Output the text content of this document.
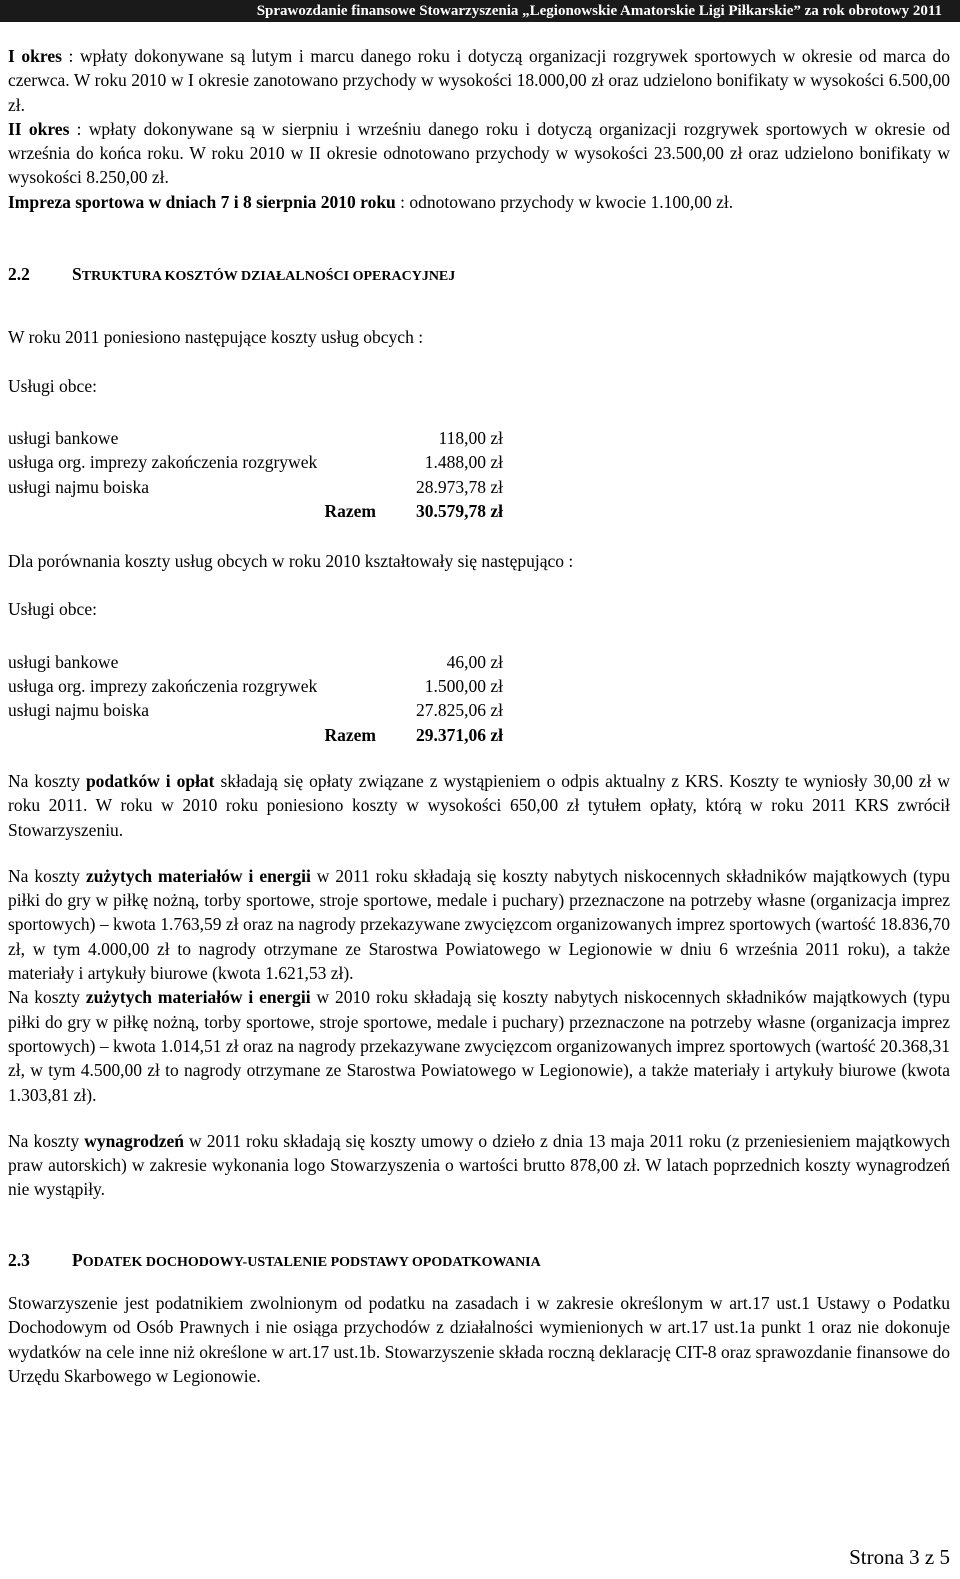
Sprawozdanie finansowe Stowarzyszenia „Legionowskie Amatorskie Ligi Piłkarskie” za rok obrotowy 2011

I okres : wpłaty dokonywane są lutym i marcu danego roku i dotyczą organizacji rozgrywek sportowych w okresie od marca do czerwca. W roku 2010 w I okresie zanotowano przychody w wysokości 18.000,00 zł oraz udzielono bonifikaty w wysokości 6.500,00 zł.

II okres : wpłaty dokonywane są w sierpniu i wrześniu danego roku i dotyczą organizacji rozgrywek sportowych w okresie od września do końca roku. W roku 2010 w II okresie odnotowano przychody w wysokości 23.500,00 zł oraz udzielono bonifikaty w wysokości 8.250,00 zł.

Impreza sportowa w dniach 7 i 8 sierpnia 2010 roku : odnotowano przychody w kwocie 1.100,00 zł.

2.2 STRUKTURA KOSZTÓW DZIAŁALNOŚCI OPERACYJNEJ

W roku 2011 poniesiono następujące koszty usług obcych :

Usługi obce:

usługi bankowe	118,00 zł
usługa org. imprezy zakończenia rozgrywek	1.488,00 zł
usługi najmu boiska	28.973,78 zł
Razem	30.579,78 zł

Dla porównania koszty usług obcych w roku 2010 kształtowały się następująco :

Usługi obce:

usługi bankowe	46,00 zł
usługa org. imprezy zakończenia rozgrywek	1.500,00 zł
usługi najmu boiska	27.825,06 zł
Razem	29.371,06 zł

Na koszty podatków i opłat składają się opłaty związane z wystąpieniem o odpis aktualny z KRS. Koszty te wyniosły 30,00 zł w roku 2011. W roku w 2010 roku poniesiono koszty w wysokości 650,00 zł tytułem opłaty, którą w roku 2011 KRS zwrócił Stowarzyszeniu.

Na koszty zużytych materiałów i energii w 2011 roku składają się koszty nabytych niskocennych składników majątkowych (typu piłki do gry w piłkę nożną, torby sportowe, stroje sportowe, medale i puchary) przeznaczone na potrzeby własne (organizacja imprez sportowych) – kwota 1.763,59 zł oraz na nagrody przekazywane zwycięzcom organizowanych imprez sportowych (wartość 18.836,70 zł, w tym 4.000,00 zł to nagrody otrzymane ze Starostwa Powiatowego w Legionowie w dniu 6 września 2011 roku), a także materiały i artykuły biurowe (kwota 1.621,53 zł).

Na koszty zużytych materiałów i energii w 2010 roku składają się koszty nabytych niskocennych składników majątkowych (typu piłki do gry w piłkę nożną, torby sportowe, stroje sportowe, medale i puchary) przeznaczone na potrzeby własne (organizacja imprez sportowych) – kwota 1.014,51 zł oraz na nagrody przekazywane zwycięzcom organizowanych imprez sportowych (wartość 20.368,31 zł, w tym 4.500,00 zł to nagrody otrzymane ze Starostwa Powiatowego w Legionowie), a także materiały i artykuły biurowe (kwota 1.303,81 zł).

Na koszty wynagrodzeń w 2011 roku składają się koszty umowy o dzieło z dnia 13 maja 2011 roku (z przeniesieniem majątkowych praw autorskich) w zakresie wykonania logo Stowarzyszenia o wartości brutto 878,00 zł. W latach poprzednich koszty wynagrodzeń nie wystąpiły.

2.3 PODATEK DOCHODOWY-USTALENIE PODSTAWY OPODATKOWANIA

Stowarzyszenie jest podatnikiem zwolnionym od podatku na zasadach i w zakresie określonym w art.17 ust.1 Ustawy o Podatku Dochodowym od Osób Prawnych i nie osiąga przychodów z działalności wymienionych w art.17 ust.1a punkt 1 oraz nie dokonuje wydatków na cele inne niż określone w art.17 ust.1b. Stowarzyszenie składa roczną deklarację CIT-8 oraz sprawozdanie finansowe do Urzędu Skarbowego w Legionowie.

Strona 3 z 5
